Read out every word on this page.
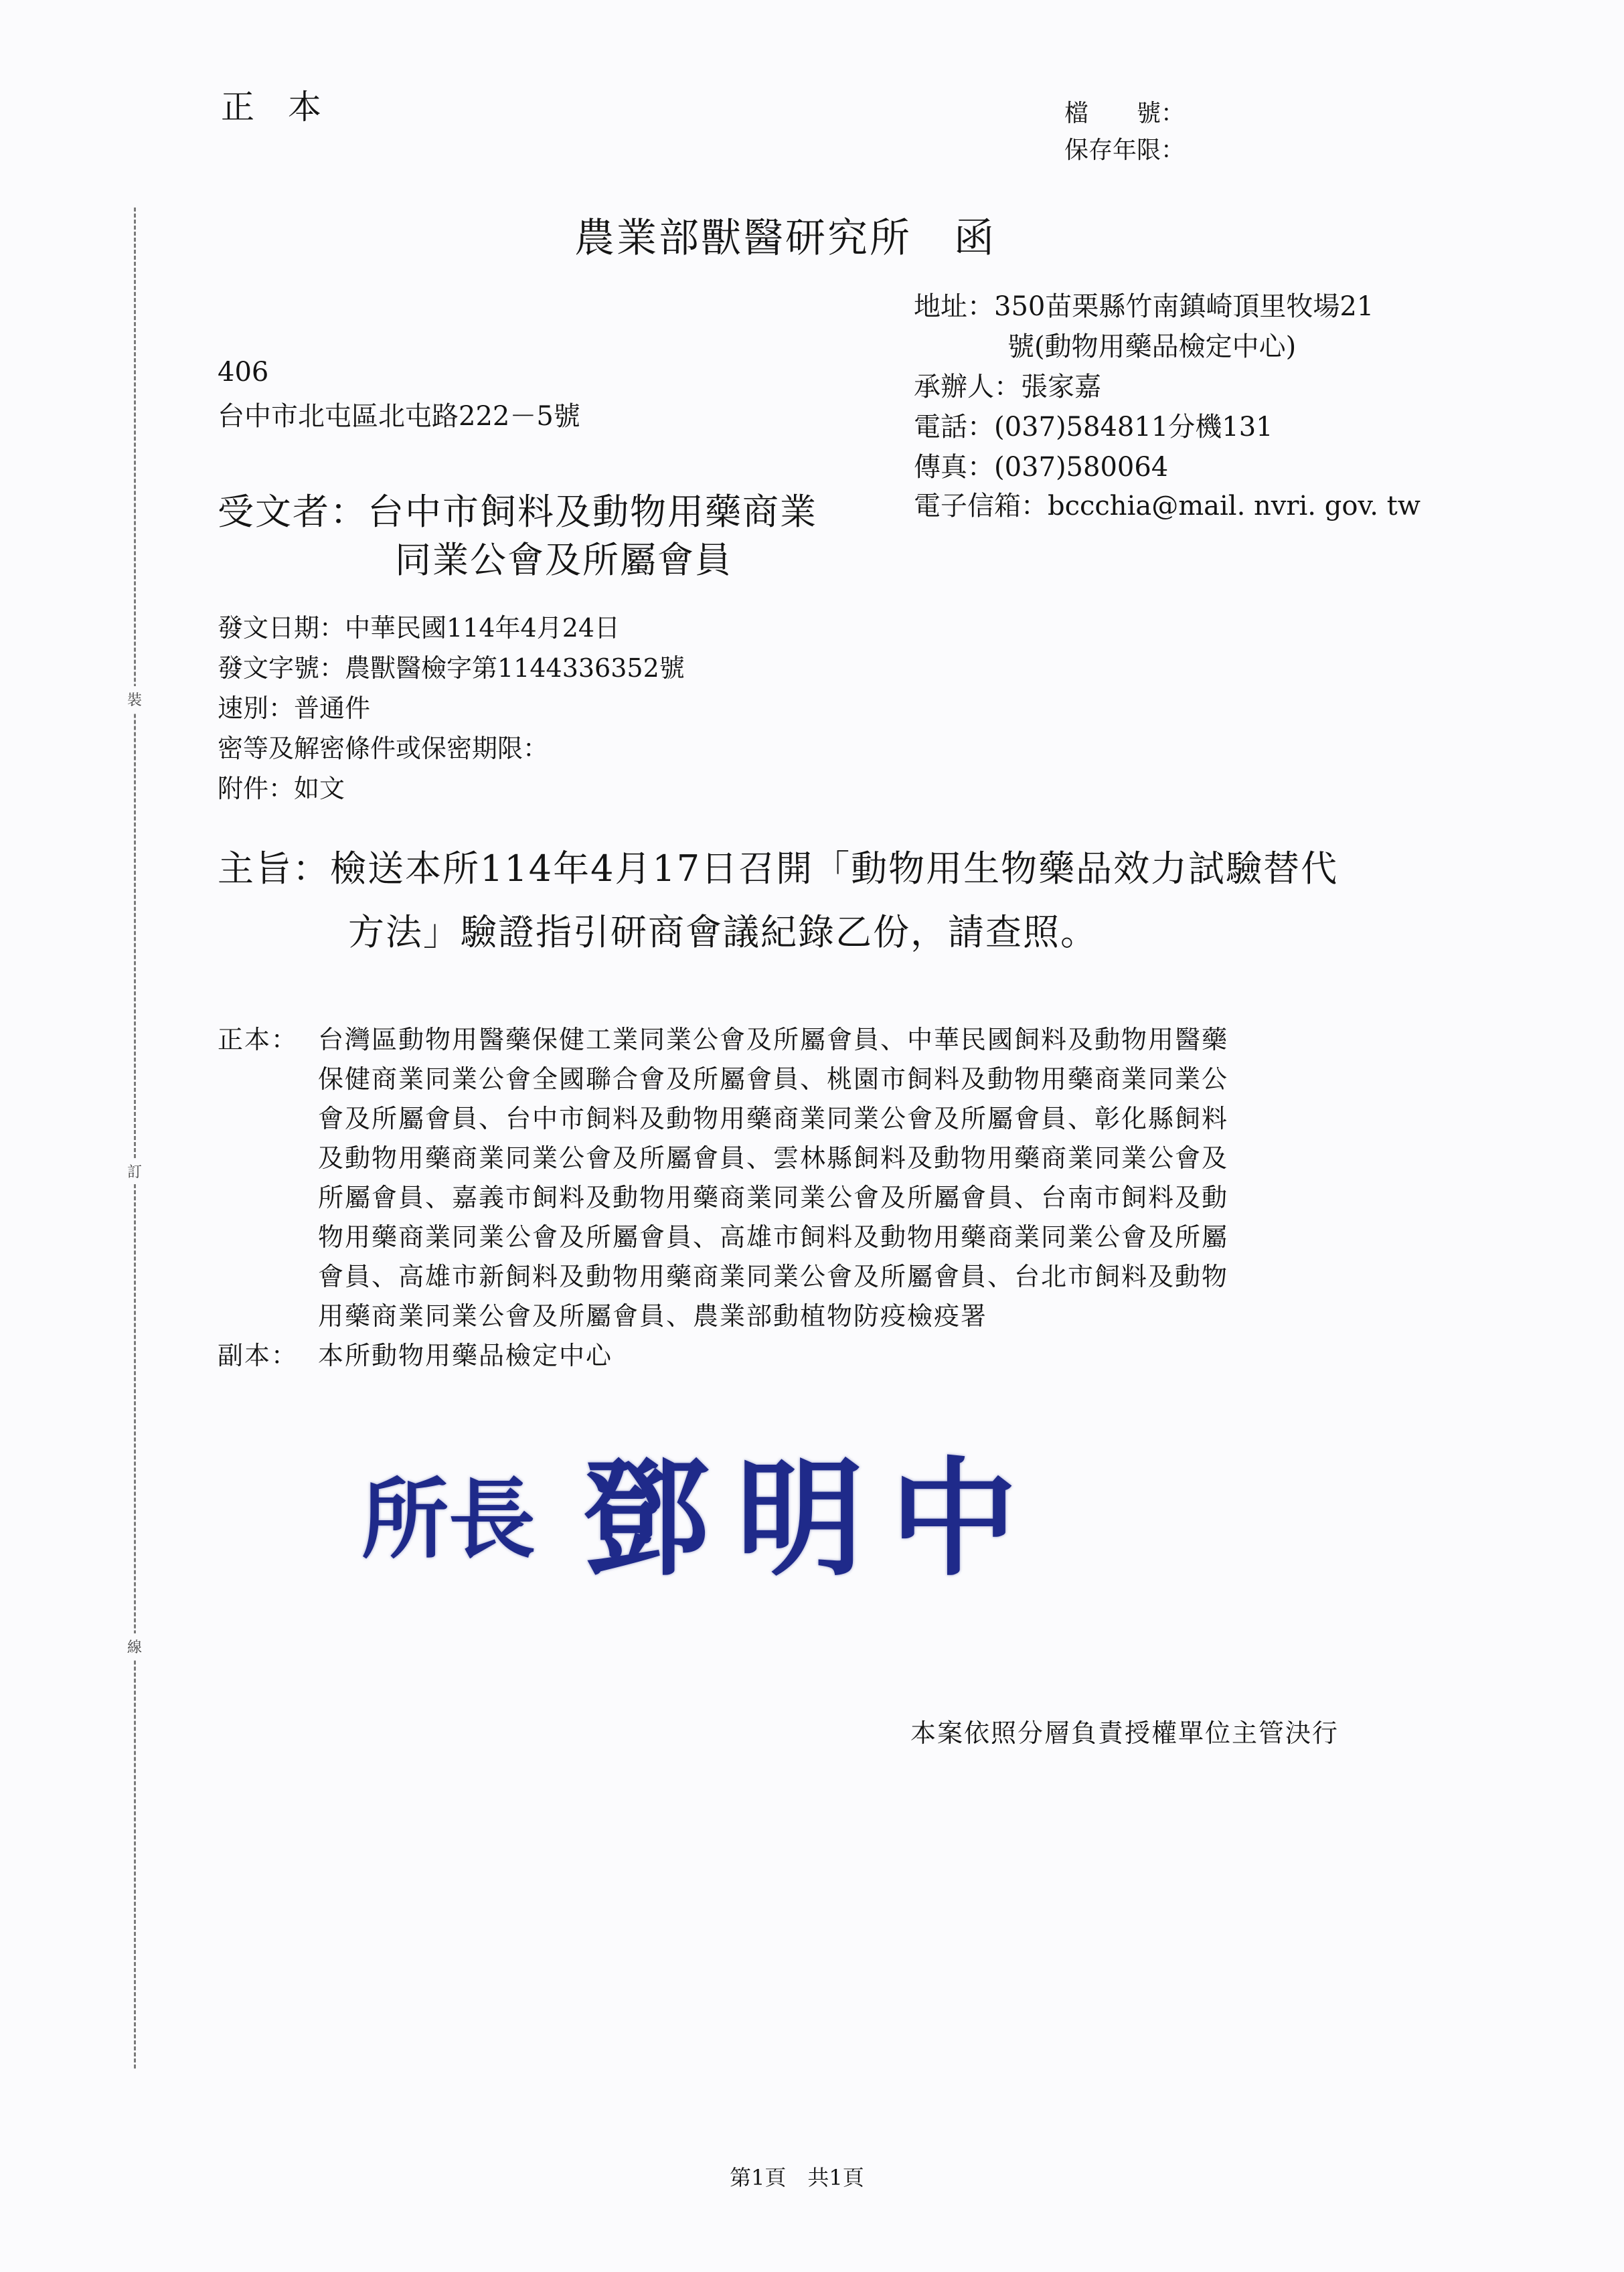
裝
訂
線
正　本	檔　　號：
保存年限：
農業部獸醫研究所　函
地址：350苗栗縣竹南鎮崎頂里牧場21
號(動物用藥品檢定中心)
承辦人：張家嘉
電話：(037)584811分機131
傳真：(037)580064
電子信箱：bccchia@mail. nvri. gov. tw
406
台中市北屯區北屯路222－5號
受文者：台中市飼料及動物用藥商業
同業公會及所屬會員
發文日期：中華民國114年4月24日
發文字號：農獸醫檢字第1144336352號
速別：普通件
密等及解密條件或保密期限：
附件：如文
主旨：檢送本所114年4月17日召開「動物用生物藥品效力試驗替代
方法」驗證指引研商會議紀錄乙份，請查照。
正本： 台灣區動物用醫藥保健工業同業公會及所屬會員、中華民國飼料及動物用醫藥
保健商業同業公會全國聯合會及所屬會員、桃園市飼料及動物用藥商業同業公
會及所屬會員、台中市飼料及動物用藥商業同業公會及所屬會員、彰化縣飼料
及動物用藥商業同業公會及所屬會員、雲林縣飼料及動物用藥商業同業公會及
所屬會員、嘉義市飼料及動物用藥商業同業公會及所屬會員、台南市飼料及動
物用藥商業同業公會及所屬會員、高雄市飼料及動物用藥商業同業公會及所屬
會員、高雄市新飼料及動物用藥商業同業公會及所屬會員、台北市飼料及動物
用藥商業同業公會及所屬會員、農業部動植物防疫檢疫署
副本： 本所動物用藥品檢定中心
所長 鄧明中
本案依照分層負責授權單位主管決行
第1頁　共1頁
